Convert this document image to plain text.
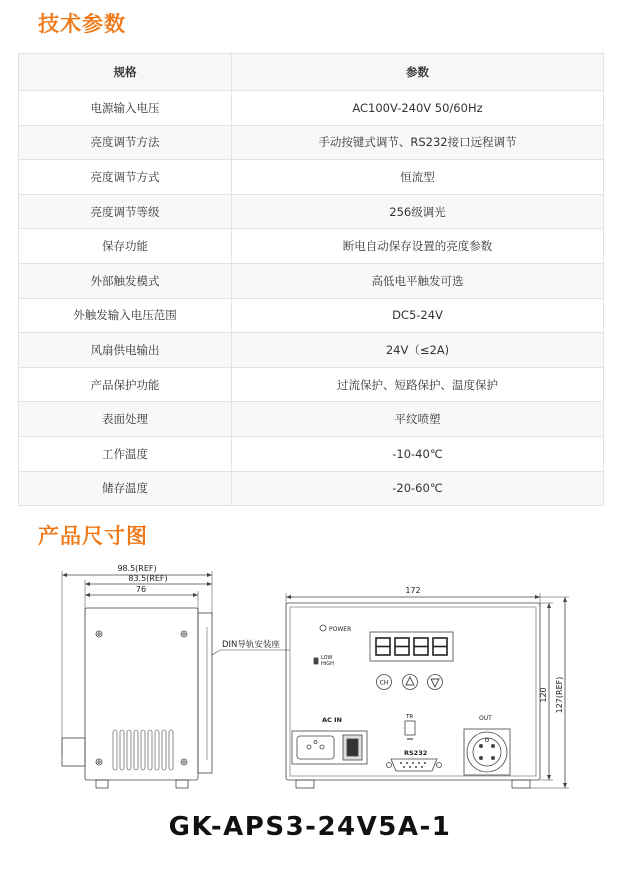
技术参数
规格	参数
电源输入电压	AC100V-240V 50/60Hz
亮度调节方法	手动按键式调节、RS232接口远程调节
亮度调节方式	恒流型
亮度调节等级	256级调光
保存功能	断电自动保存设置的亮度参数
外部触发模式	高低电平触发可选
外触发输入电压范围	DC5-24V
风扇供电输出	24V（≤2A)
产品保护功能	过流保护、短路保护、温度保护
表面处理	平纹喷塑
工作温度	-10-40℃
储存温度	-20-60℃
产品尺寸图
98.5(REF)
83.5(REF)
76
DIN导轨安装座
172
120 127(REF)
POWER
LOW
HIGH
CH
AC IN	TR
RS232
OUT
GK-APS3-24V5A-1
